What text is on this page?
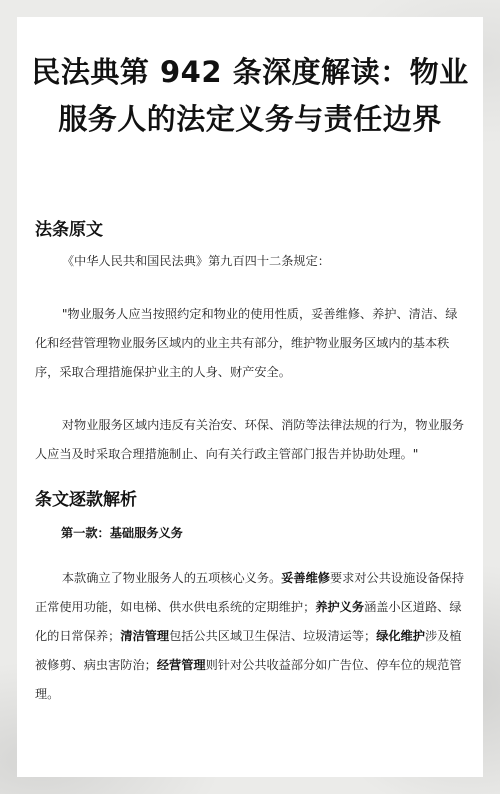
民法典第 942 条深度解读：物业服务人的法定义务与责任边界
法条原文

《中华人民共和国民法典》第九百四十二条规定：

"物业服务人应当按照约定和物业的使用性质，妥善维修、养护、清洁、绿化和经营管理物业服务区域内的业主共有部分，维护物业服务区域内的基本秩序，采取合理措施保护业主的人身、财产安全。

对物业服务区域内违反有关治安、环保、消防等法律法规的行为，物业服务人应当及时采取合理措施制止、向有关行政主管部门报告并协助处理。"

条文逐款解析
第一款：基础服务义务

本款确立了物业服务人的五项核心义务。妥善维修要求对公共设施设备保持正常使用功能，如电梯、供水供电系统的定期维护；养护义务涵盖小区道路、绿化的日常保养；清洁管理包括公共区域卫生保洁、垃圾清运等；绿化维护涉及植被修剪、病虫害防治；经营管理则针对公共收益部分如广告位、停车位的规范管理。
